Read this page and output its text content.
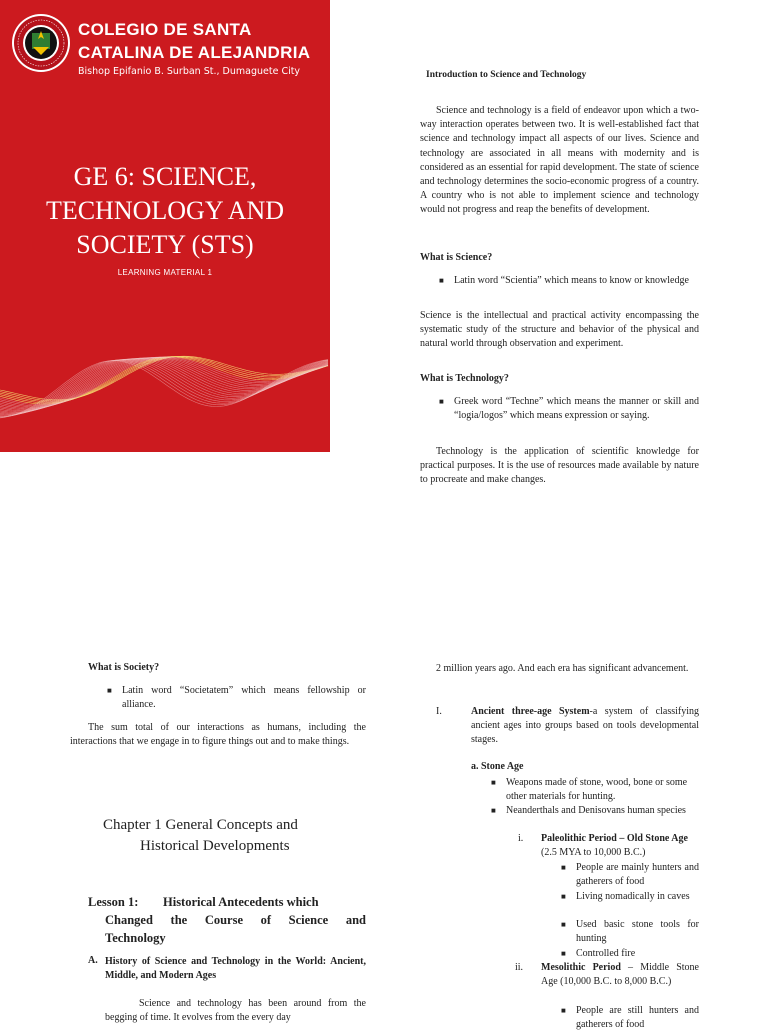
COLEGIO DE SANTA
CATALINA DE ALEJANDRIA
Bishop Epifanio B. Surban St., Dumaguete City
GE 6: SCIENCE,
TECHNOLOGY AND
SOCIETY (STS)
LEARNING MATERIAL 1
Introduction to Science and Technology
Science and technology is a field of endeavor upon which a two-way interaction operates between two. It is well-established fact that science and technology impact all aspects of our lives. Science and technology are associated in all means with modernity and is considered as an essential for rapid development. The state of science and technology determines the socio-economic progress of a country. A country who is not able to implement science and technology would not progress and reap the benefits of development.
What is Science?
■ Latin word “Scientia” which means to know or knowledge
Science is the intellectual and practical activity encompassing the systematic study of the structure and behavior of the physical and natural world through observation and experiment.
What is Technology?
■ Greek word “Techne” which means the manner or skill and “logia/logos” which means expression or saying.
Technology is the application of scientific knowledge for practical purposes. It is the use of resources made available by nature to procreate and make changes.
What is Society?
■ Latin word “Societatem” which means fellowship or alliance.
The sum total of our interactions as humans, including the interactions that we engage in to figure things out and to make things.
Chapter 1 General Concepts and
Historical Developments
Lesson 1: Historical Antecedents which
Changed the Course of Science and
Technology
A. History of Science and Technology in the World: Ancient, Middle, and Modern Ages
Science and technology has been around from the begging of time. It evolves from the every day
2 million years ago. And each era has significant advancement.
I.	Ancient three-age System-a system of classifying ancient ages into groups based on tools developmental stages.
a. Stone Age
■ Weapons made of stone, wood, bone or some other materials for hunting.
■ Neanderthals and Denisovans human species
i. Paleolithic Period – Old Stone Age (2.5 MYA to 10,000 B.C.)
■ People are mainly hunters and gatherers of food
■ Living nomadically in caves
■ Used basic stone tools for hunting
■ Controlled fire
ii. Mesolithic Period – Middle Stone Age (10,000 B.C. to 8,000 B.C.)
■ People are still hunters and gatherers of food
